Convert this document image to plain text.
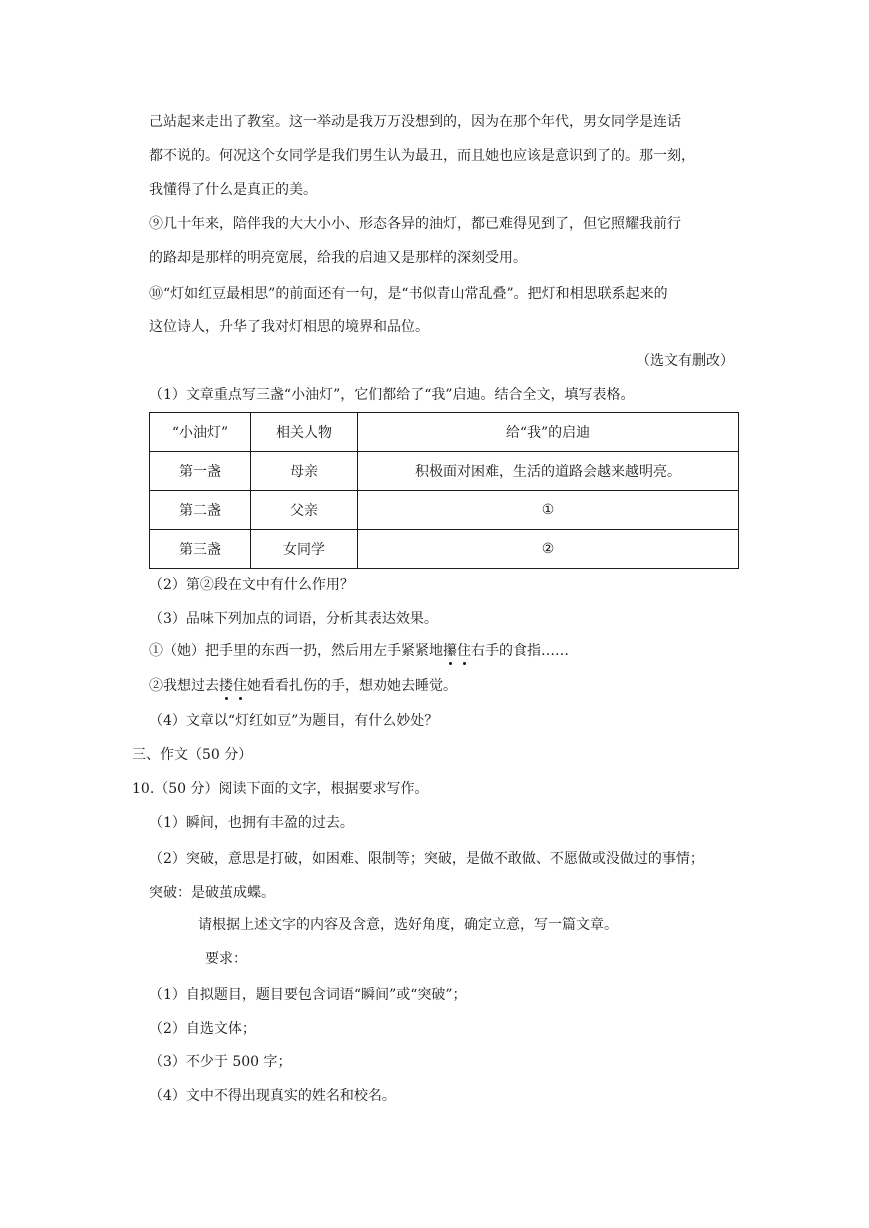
己站起来走出了教室。这一举动是我万万没想到的，因为在那个年代，男女同学是连话
都不说的。何况这个女同学是我们男生认为最丑，而且她也应该是意识到了的。那一刻，
我懂得了什么是真正的美。
⑨几十年来，陪伴我的大大小小、形态各异的油灯，都已难得见到了，但它照耀我前行
的路却是那样的明亮宽展，给我的启迪又是那样的深刻受用。
⑩“灯如红豆最相思”的前面还有一句，是“书似青山常乱叠”。把灯和相思联系起来的
这位诗人，升华了我对灯相思的境界和品位。
（选文有删改）
（1）文章重点写三盏“小油灯”，它们都给了“我”启迪。结合全文，填写表格。
“小油灯”	相关人物	给“我”的启迪
第一盏	母亲	积极面对困难，生活的道路会越来越明亮。
第二盏	父亲	①
第三盏	女同学	②
（2）第②段在文中有什么作用？
（3）品味下列加点的词语，分析其表达效果。
①（她）把手里的东西一扔，然后用左手紧紧地攥住右手的食指……
②我想过去搂住她看看扎伤的手，想劝她去睡觉。
（4）文章以“灯红如豆”为题目，有什么妙处？
三、作文（50 分）
10.（50 分）阅读下面的文字，根据要求写作。
（1）瞬间，也拥有丰盈的过去。
（2）突破，意思是打破，如困难、限制等；突破，是做不敢做、不愿做或没做过的事情；
突破：是破茧成蝶。
请根据上述文字的内容及含意，选好角度，确定立意，写一篇文章。
要求：
（1）自拟题目，题目要包含词语“瞬间”或“突破”；
（2）自选文体；
（3）不少于 500 字；
（4）文中不得出现真实的姓名和校名。
